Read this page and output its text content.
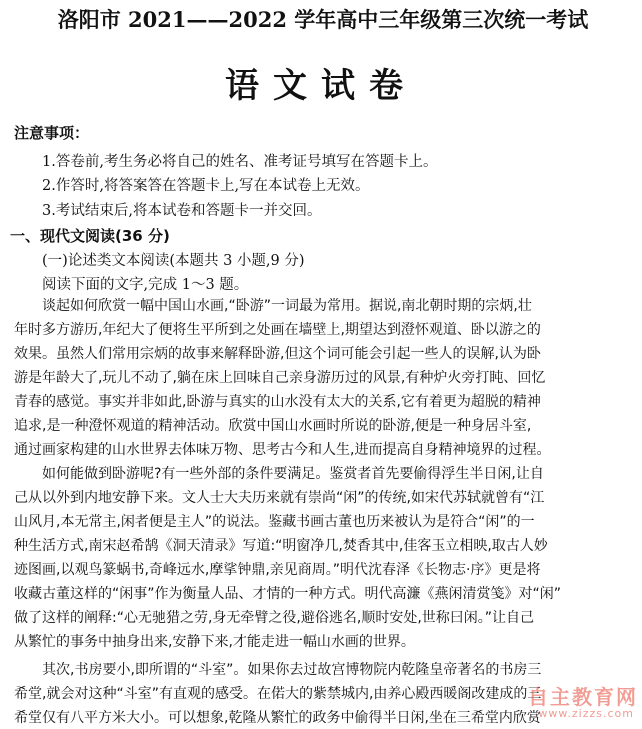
洛阳市 2021——2022 学年高中三年级第三次统一考试
语文试卷
注意事项：
1.答卷前,考生务必将自己的姓名、准考证号填写在答题卡上。
2.作答时,将答案答在答题卡上,写在本试卷上无效。
3.考试结束后,将本试卷和答题卡一并交回。
一、现代文阅读(36 分)
(一)论述类文本阅读(本题共 3 小题,9 分)
阅读下面的文字,完成 1～3 题。
　　谈起如何欣赏一幅中国山水画,“卧游”一词最为常用。据说,南北朝时期的宗炳,壮
年时多方游历,年纪大了便将生平所到之处画在墙壁上,期望达到澄怀观道、卧以游之的
效果。虽然人们常用宗炳的故事来解释卧游,但这个词可能会引起一些人的误解,认为卧
游是年龄大了,玩儿不动了,躺在床上回味自己亲身游历过的风景,有种炉火旁打盹、回忆
青春的感觉。事实并非如此,卧游与真实的山水没有太大的关系,它有着更为超脱的精神
追求,是一种澄怀观道的精神活动。欣赏中国山水画时所说的卧游,便是一种身居斗室,
通过画家构建的山水世界去体味万物、思考古今和人生,进而提高自身精神境界的过程。
　　如何能做到卧游呢?有一些外部的条件要满足。鉴赏者首先要偷得浮生半日闲,让自
己从以外到内地安静下来。文人士大夫历来就有崇尚“闲”的传统,如宋代苏轼就曾有“江
山风月,本无常主,闲者便是主人”的说法。鉴藏书画古董也历来被认为是符合“闲”的一
种生活方式,南宋赵希鹄《洞天清录》写道:“明窗净几,焚香其中,佳客玉立相映,取古人妙
迹图画,以观鸟篆蜗书,奇峰远水,摩挲钟鼎,亲见商周。”明代沈春泽《长物志·序》更是将
收藏古董这样的“闲事”作为衡量人品、才情的一种方式。明代高濂《燕闲清赏笺》对“闲”
做了这样的阐释:“心无驰猎之劳,身无牵臂之役,避俗逃名,顺时安处,世称曰闲。”让自己
从繁忙的事务中抽身出来,安静下来,才能走进一幅山水画的世界。
　　其次,书房要小,即所谓的“斗室”。如果你去过故宫博物院内乾隆皇帝著名的书房三
希堂,就会对这种“斗室”有直观的感受。在偌大的紫禁城内,由养心殿西暖阁改建成的三
希堂仅有八平方米大小。可以想象,乾隆从繁忙的政务中偷得半日闲,坐在三希堂内欣赏
自主教育网
www.zizzs.com
